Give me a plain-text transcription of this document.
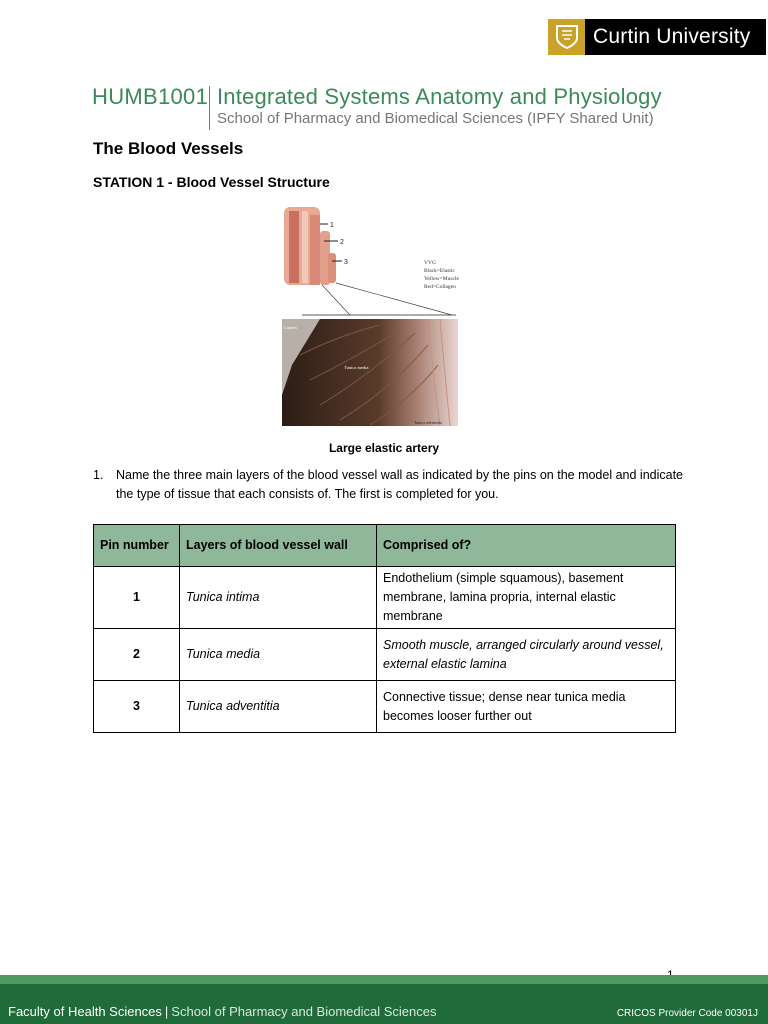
Curtin University
HUMB1001 Integrated Systems Anatomy and Physiology
School of Pharmacy and Biomedical Sciences (IPFY Shared Unit)
The Blood Vessels
STATION 1 - Blood Vessel Structure
1
2
3	VVG
Black=Elastic
Yellow=Muscle
Red=Collagen
Lumen
Tunica media
Tunica adventitia
Large elastic artery
1. Name the three main layers of the blood vessel wall as indicated by the pins on the model and indicate the type of tissue that each consists of. The first is completed for you.
Pin number	Layers of blood vessel wall	Comprised of?
1	Tunica intima	Endothelium (simple squamous), basement membrane, lamina propria, internal elastic membrane
2	Tunica media	Smooth muscle, arranged circularly around vessel, external elastic lamina
3	Tunica adventitia	Connective tissue; dense near tunica media becomes looser further out
Faculty of Health Sciences | School of Pharmacy and Biomedical Sciences	CRICOS Provider Code 00301J
